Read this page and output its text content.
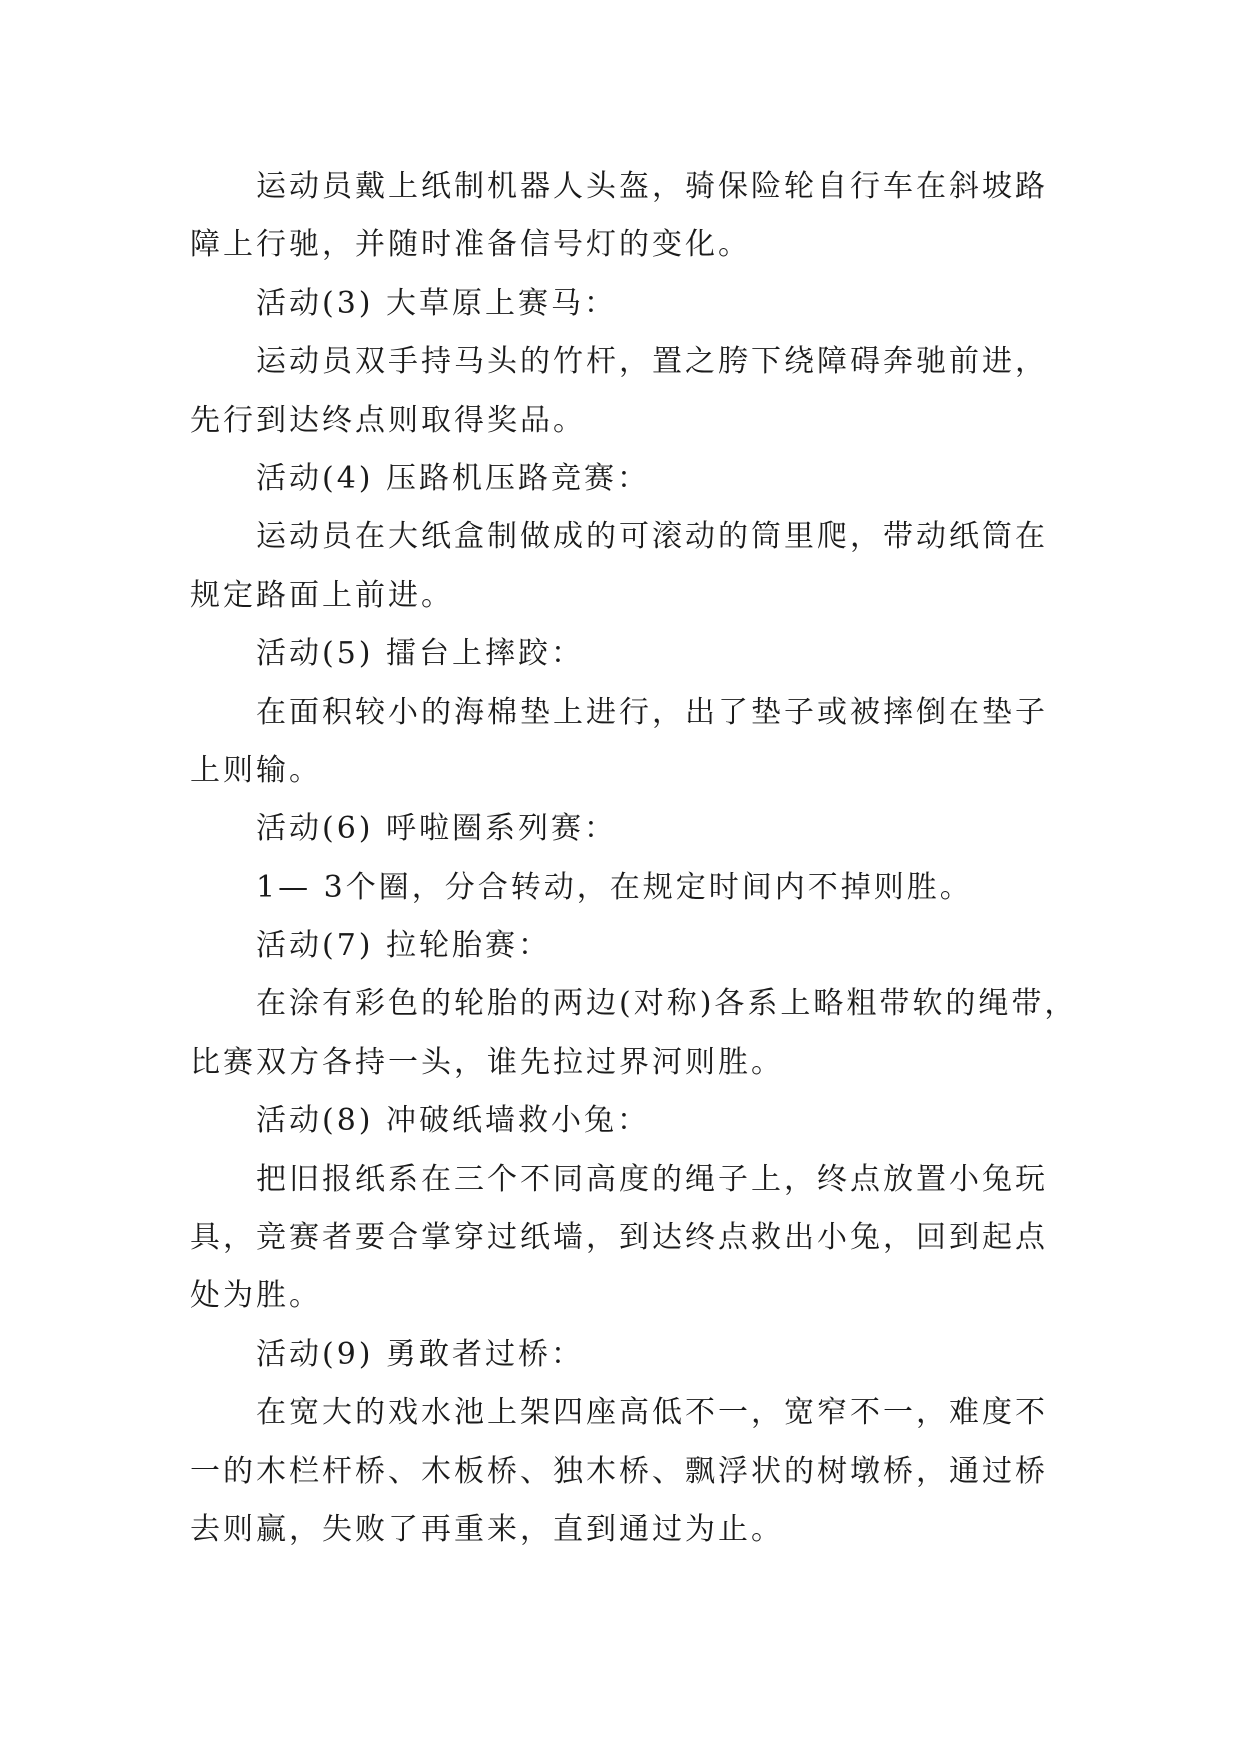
运动员戴上纸制机器人头盔，骑保险轮自行车在斜坡路
障上行驰，并随时准备信号灯的变化。
活动(3) 大草原上赛马：
运动员双手持马头的竹杆，置之胯下绕障碍奔驰前进，
先行到达终点则取得奖品。
活动(4) 压路机压路竞赛：
运动员在大纸盒制做成的可滚动的筒里爬，带动纸筒在
规定路面上前进。
活动(5) 擂台上摔跤：
在面积较小的海棉垫上进行，出了垫子或被摔倒在垫子
上则输。
活动(6) 呼啦圈系列赛：
1— 3个圈，分合转动，在规定时间内不掉则胜。
活动(7) 拉轮胎赛：
在涂有彩色的轮胎的两边(对称)各系上略粗带软的绳带，
比赛双方各持一头，谁先拉过界河则胜。
活动(8) 冲破纸墙救小兔：
把旧报纸系在三个不同高度的绳子上，终点放置小兔玩
具，竞赛者要合掌穿过纸墙，到达终点救出小兔，回到起点
处为胜。
活动(9) 勇敢者过桥：
在宽大的戏水池上架四座高低不一，宽窄不一，难度不
一的木栏杆桥、木板桥、独木桥、飘浮状的树墩桥，通过桥
去则赢，失败了再重来，直到通过为止。
